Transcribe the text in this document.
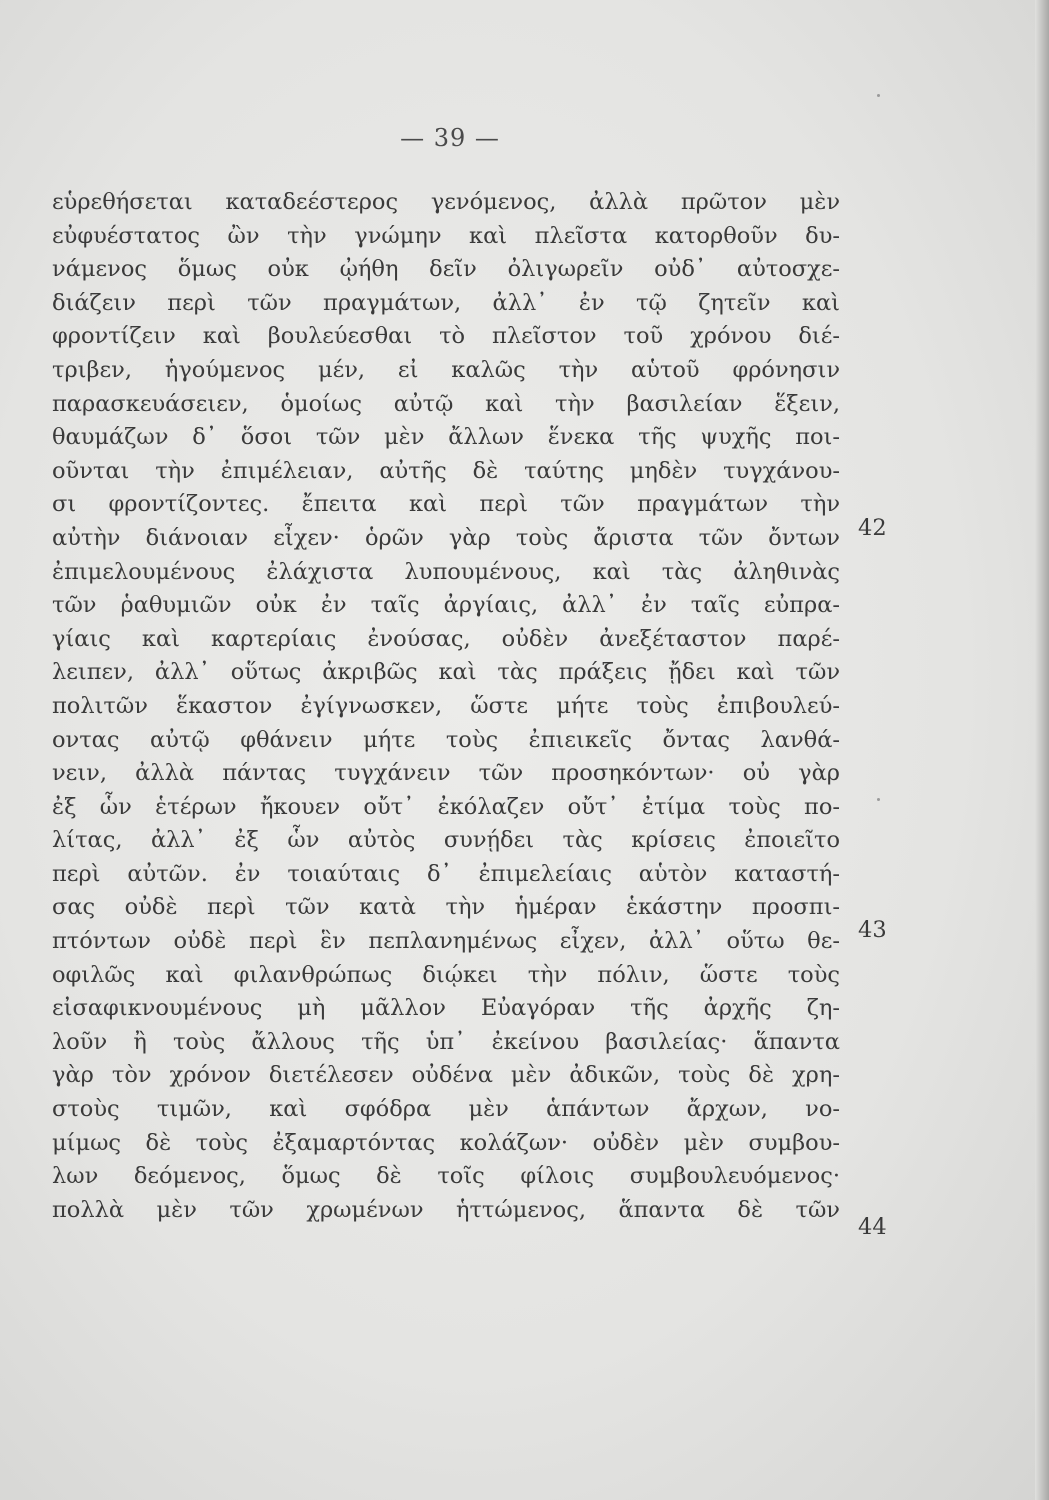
— 39 —
εὑρεθήσεται καταδεέστερος γενόμενος, ἀλλὰ πρῶτον μὲν
εὐφυέστατος ὢν τὴν γνώμην καὶ πλεῖστα κατορθοῦν δυ-
νάμενος ὅμως οὐκ ᾠήθη δεῖν ὀλιγωρεῖν οὐδ᾽ αὐτοσχε-
διάζειν περὶ τῶν πραγμάτων, ἀλλ᾽ ἐν τῷ ζητεῖν καὶ
φροντίζειν καὶ βουλεύεσθαι τὸ πλεῖστον τοῦ χρόνου διέ-
τριβεν, ἡγούμενος μέν, εἰ καλῶς τὴν αὑτοῦ φρόνησιν
παρασκευάσειεν, ὁμοίως αὐτῷ καὶ τὴν βασιλείαν ἕξειν,
θαυμάζων δ᾽ ὅσοι τῶν μὲν ἄλλων ἕνεκα τῆς ψυχῆς ποι-
οῦνται τὴν ἐπιμέλειαν, αὐτῆς δὲ ταύτης μηδὲν τυγχάνου-
σι φροντίζοντες. ἔπειτα καὶ περὶ τῶν πραγμάτων τὴν
αὐτὴν διάνοιαν εἶχεν· ὁρῶν γὰρ τοὺς ἄριστα τῶν ὄντων
ἐπιμελουμένους ἐλάχιστα λυπουμένους, καὶ τὰς ἀληθινὰς
τῶν ῥαθυμιῶν οὐκ ἐν ταῖς ἀργίαις, ἀλλ᾽ ἐν ταῖς εὐπρα-
γίαις καὶ καρτερίαις ἐνούσας, οὐδὲν ἀνεξέταστον παρέ-
λειπεν, ἀλλ᾽ οὕτως ἀκριβῶς καὶ τὰς πράξεις ᾔδει καὶ τῶν
πολιτῶν ἕκαστον ἐγίγνωσκεν, ὥστε μήτε τοὺς ἐπιβουλεύ-
οντας αὐτῷ φθάνειν μήτε τοὺς ἐπιεικεῖς ὄντας λανθά-
νειν, ἀλλὰ πάντας τυγχάνειν τῶν προσηκόντων· οὐ γὰρ
ἐξ ὧν ἑτέρων ἤκουεν οὔτ᾽ ἐκόλαζεν οὔτ᾽ ἐτίμα τοὺς πο-
λίτας, ἀλλ᾽ ἐξ ὧν αὐτὸς συνῄδει τὰς κρίσεις ἐποιεῖτο
περὶ αὐτῶν. ἐν τοιαύταις δ᾽ ἐπιμελείαις αὑτὸν καταστή-
σας οὐδὲ περὶ τῶν κατὰ τὴν ἡμέραν ἑκάστην προσπι-
πτόντων οὐδὲ περὶ ἓν πεπλανημένως εἶχεν, ἀλλ᾽ οὕτω θε-
οφιλῶς καὶ φιλανθρώπως διῴκει τὴν πόλιν, ὥστε τοὺς
εἰσαφικνουμένους μὴ μᾶλλον Εὐαγόραν τῆς ἀρχῆς ζη-
λοῦν ἢ τοὺς ἄλλους τῆς ὑπ᾽ ἐκείνου βασιλείας· ἅπαντα
γὰρ τὸν χρόνον διετέλεσεν οὐδένα μὲν ἀδικῶν, τοὺς δὲ χρη-
στοὺς τιμῶν, καὶ σφόδρα μὲν ἁπάντων ἄρχων, νο-
μίμως δὲ τοὺς ἐξαμαρτόντας κολάζων· οὐδὲν μὲν συμβου-
λων δεόμενος, ὅμως δὲ τοῖς φίλοις συμβουλευόμενος·
πολλὰ μὲν τῶν χρωμένων ἡττώμενος, ἅπαντα δὲ τῶν
42
43
44
